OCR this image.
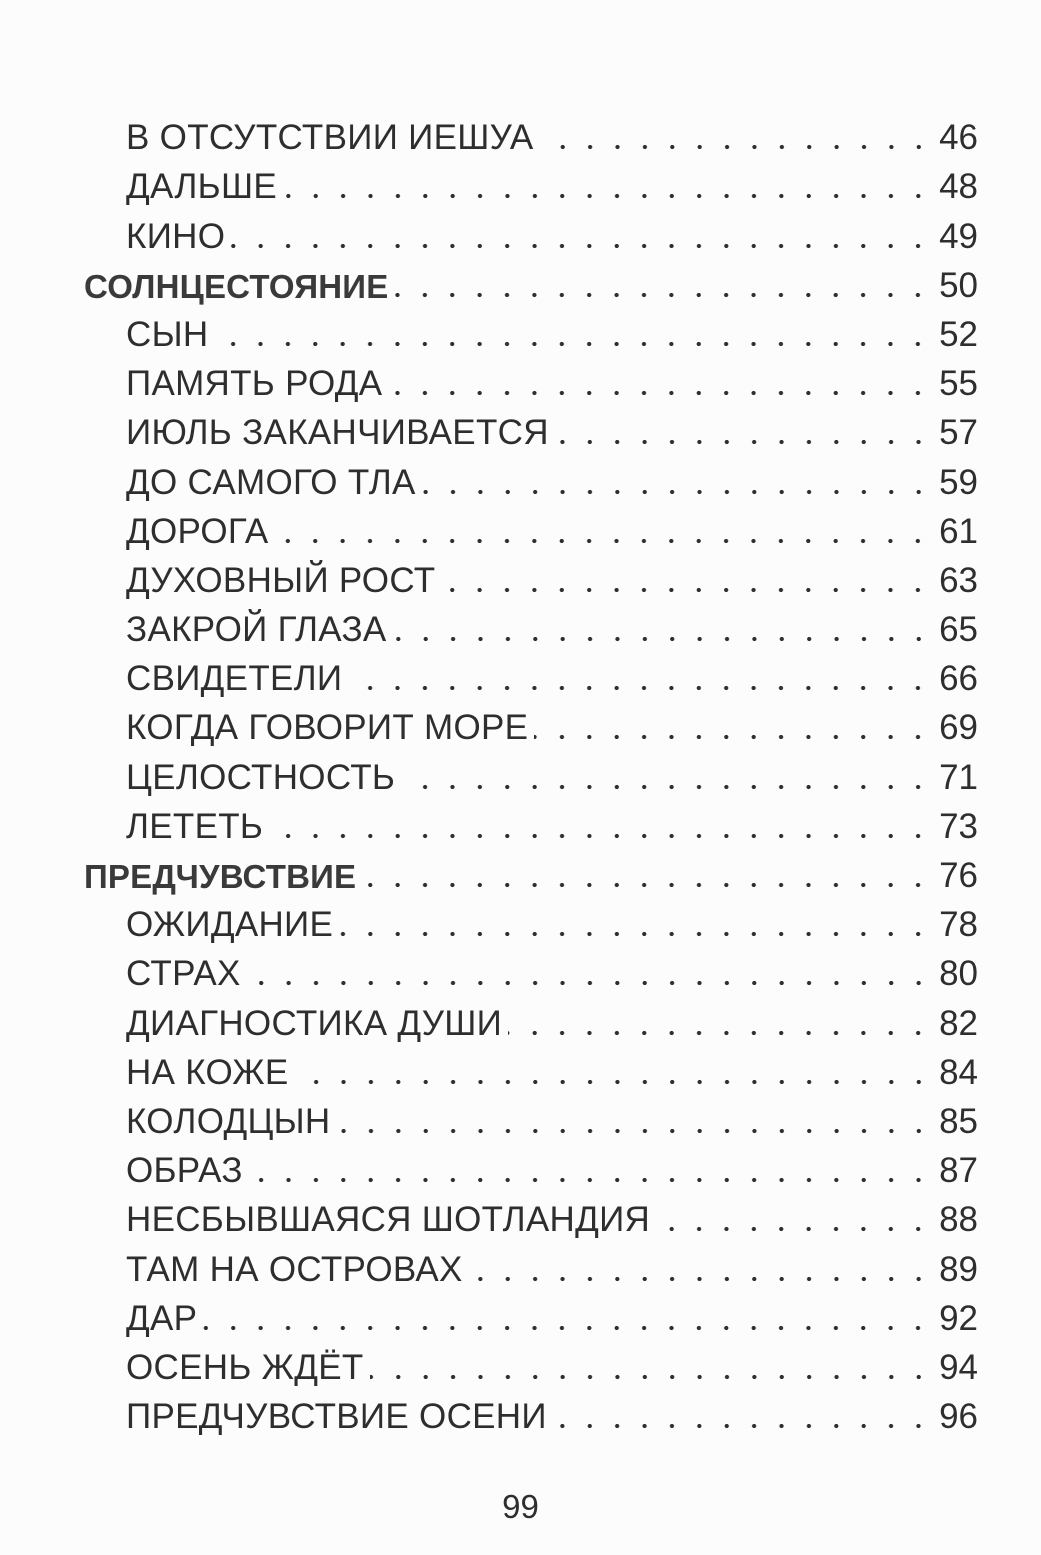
В ОТСУТСТВИИ ИЕШУА	46
ДАЛЬШЕ	48
КИНО	49
СОЛНЦЕСТОЯНИЕ	50
СЫН	52
ПАМЯТЬ РОДА	55
ИЮЛЬ ЗАКАНЧИВАЕТСЯ	57
ДО САМОГО ТЛА	59
ДОРОГА	61
ДУХОВНЫЙ РОСТ	63
ЗАКРОЙ ГЛАЗА	65
СВИДЕТЕЛИ	66
КОГДА ГОВОРИТ МОРЕ	69
ЦЕЛОСТНОСТЬ	71
ЛЕТЕТЬ	73
ПРЕДЧУВСТВИЕ	76
ОЖИДАНИЕ	78
СТРАХ	80
ДИАГНОСТИКА ДУШИ	82
НА КОЖЕ	84
КОЛОДЦЫН	85
ОБРАЗ	87
НЕСБЫВШАЯСЯ ШОТЛАНДИЯ	88
ТАМ НА ОСТРОВАХ	89
ДАР	92
ОСЕНЬ ЖДЁТ	94
ПРЕДЧУВСТВИЕ ОСЕНИ	96
99
